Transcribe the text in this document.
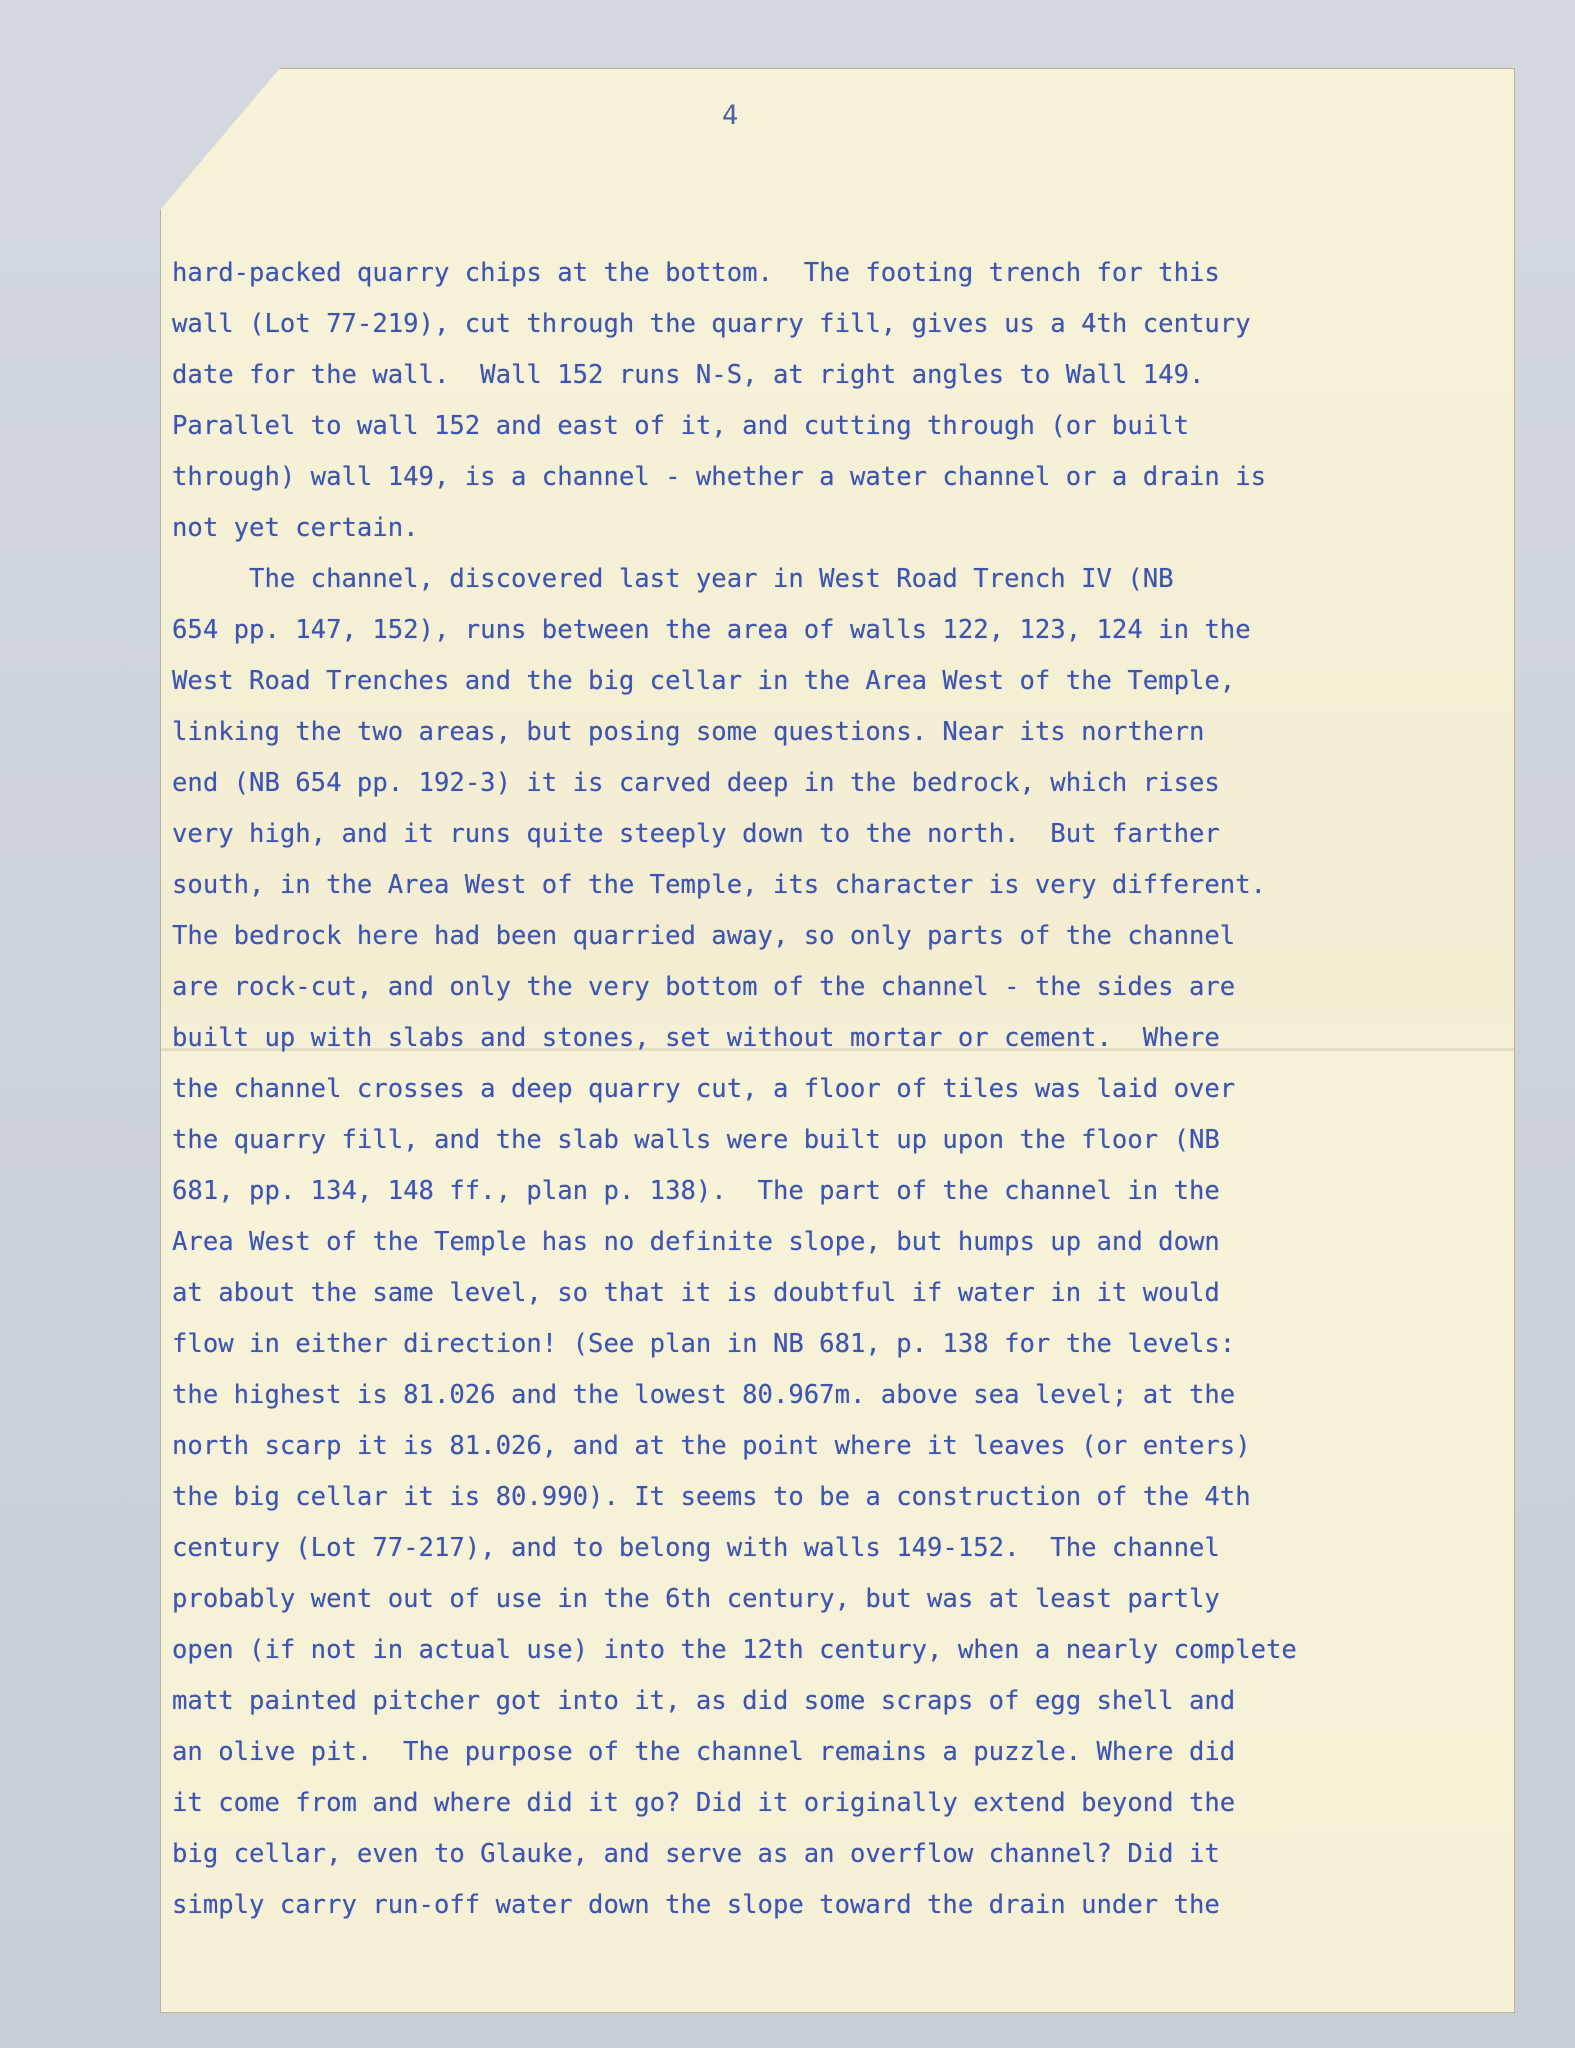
4
hard-packed quarry chips at the bottom.  The footing trench for this
wall (Lot 77-219), cut through the quarry fill, gives us a 4th century
date for the wall.  Wall 152 runs N-S, at right angles to Wall 149.
Parallel to wall 152 and east of it, and cutting through (or built
through) wall 149, is a channel - whether a water channel or a drain is
not yet certain.
The channel, discovered last year in West Road Trench IV (NB
654 pp. 147, 152), runs between the area of walls 122, 123, 124 in the
West Road Trenches and the big cellar in the Area West of the Temple,
linking the two areas, but posing some questions. Near its northern
end (NB 654 pp. 192-3) it is carved deep in the bedrock, which rises
very high, and it runs quite steeply down to the north.  But farther
south, in the Area West of the Temple, its character is very different.
The bedrock here had been quarried away, so only parts of the channel
are rock-cut, and only the very bottom of the channel - the sides are
built up with slabs and stones, set without mortar or cement.  Where
the channel crosses a deep quarry cut, a floor of tiles was laid over
the quarry fill, and the slab walls were built up upon the floor (NB
681, pp. 134, 148 ff., plan p. 138).  The part of the channel in the
Area West of the Temple has no definite slope, but humps up and down
at about the same level, so that it is doubtful if water in it would
flow in either direction! (See plan in NB 681, p. 138 for the levels:
the highest is 81.026 and the lowest 80.967m. above sea level; at the
north scarp it is 81.026, and at the point where it leaves (or enters)
the big cellar it is 80.990). It seems to be a construction of the 4th
century (Lot 77-217), and to belong with walls 149-152.  The channel
probably went out of use in the 6th century, but was at least partly
open (if not in actual use) into the 12th century, when a nearly complete
matt painted pitcher got into it, as did some scraps of egg shell and
an olive pit.  The purpose of the channel remains a puzzle. Where did
it come from and where did it go? Did it originally extend beyond the
big cellar, even to Glauke, and serve as an overflow channel? Did it
simply carry run-off water down the slope toward the drain under the
